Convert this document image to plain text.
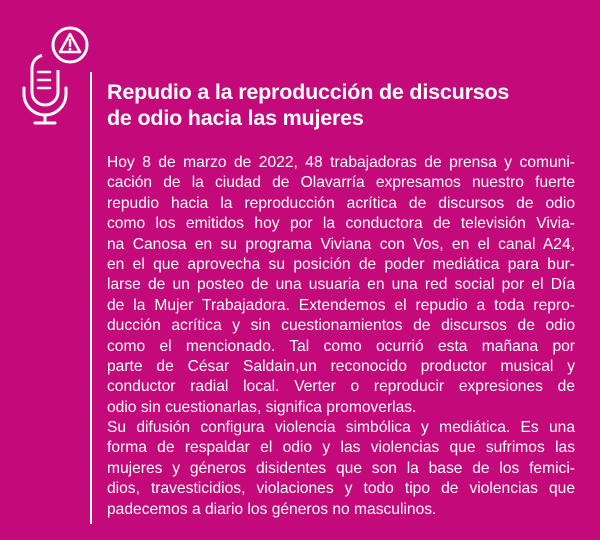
Repudio a la reproducción de discursos
de odio hacia las mujeres
Hoy 8 de marzo de 2022, 48 trabajadoras de prensa y comuni-
cación de la ciudad de Olavarría expresamos nuestro fuerte
repudio hacia la reproducción acrítica de discursos de odio
como los emitidos hoy por la conductora de televisión Vivia-
na Canosa en su programa Viviana con Vos, en el canal A24,
en el que aprovecha su posición de poder mediática para bur-
larse de un posteo de una usuaria en una red social por el Día
de la Mujer Trabajadora. Extendemos el repudio a toda repro-
ducción acrítica y sin cuestionamientos de discursos de odio
como el mencionado. Tal como ocurrió esta mañana por
parte de César Saldain,un reconocido productor musical y
conductor radial local. Verter o reproducir expresiones de
odio sin cuestionarlas, significa promoverlas.
Su difusión configura violencia simbólica y mediática. Es una
forma de respaldar el odio y las violencias que sufrimos las
mujeres y géneros disidentes que son la base de los femici-
dios, travesticidios, violaciones y todo tipo de violencias que
padecemos a diario los géneros no masculinos.
